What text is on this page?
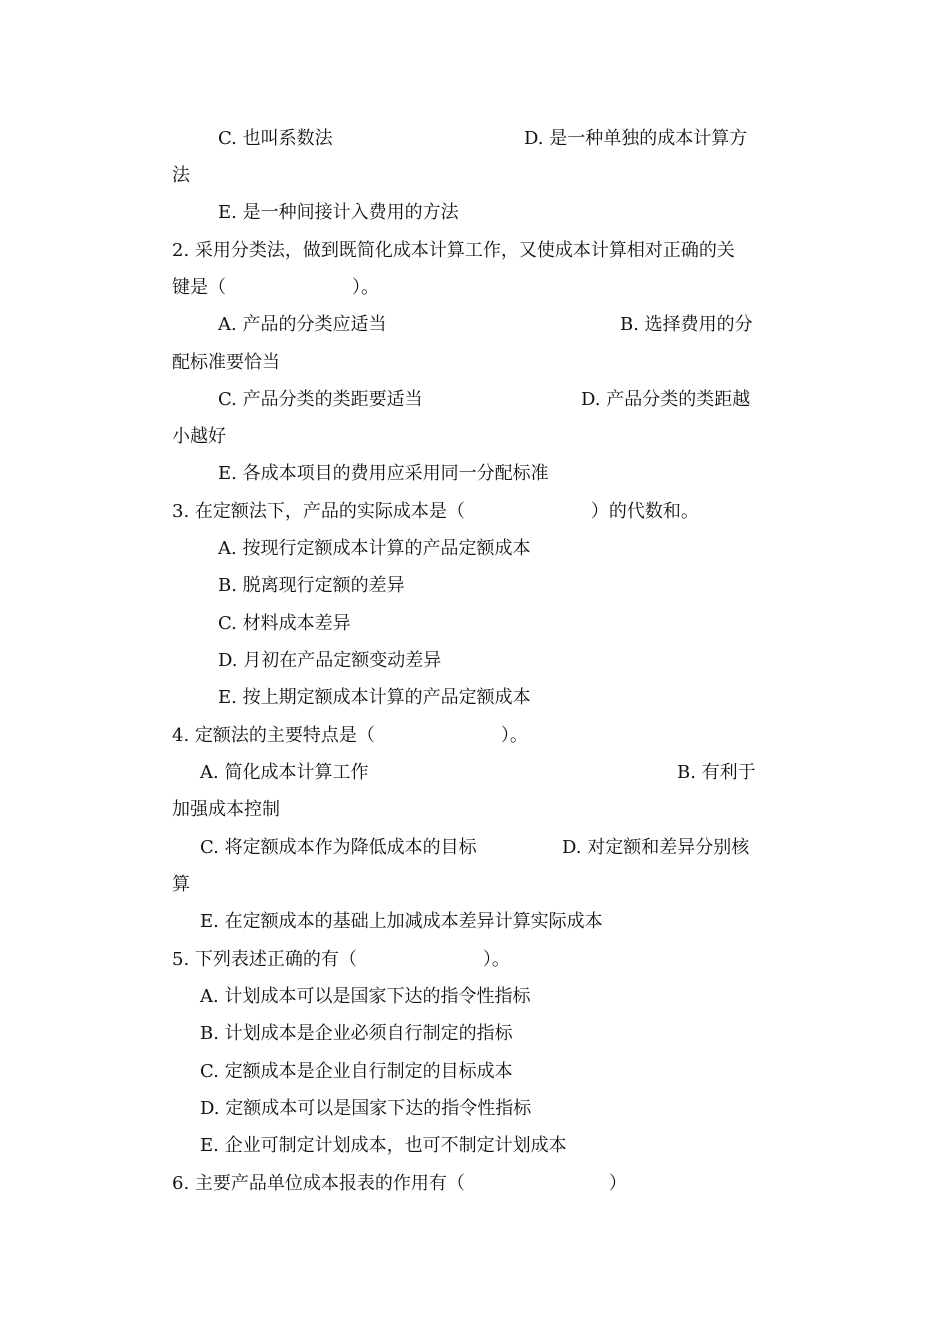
C. 也叫系数法	D. 是一种单独的成本计算方
法
E. 是一种间接计入费用的方法
2. 采用分类法，做到既简化成本计算工作，又使成本计算相对正确的关
键是（　　　　　　　）。
A. 产品的分类应适当	B. 选择费用的分
配标准要恰当
C. 产品分类的类距要适当	D. 产品分类的类距越
小越好
E. 各成本项目的费用应采用同一分配标准
3. 在定额法下，产品的实际成本是（　　　　　　　）的代数和。
A. 按现行定额成本计算的产品定额成本
B. 脱离现行定额的差异
C. 材料成本差异
D. 月初在产品定额变动差异
E. 按上期定额成本计算的产品定额成本
4. 定额法的主要特点是（　　　　　　　）。
A. 简化成本计算工作	B. 有利于
加强成本控制
C. 将定额成本作为降低成本的目标	D. 对定额和差异分别核
算
E. 在定额成本的基础上加减成本差异计算实际成本
5. 下列表述正确的有（　　　　　　　）。
A. 计划成本可以是国家下达的指令性指标
B. 计划成本是企业必须自行制定的指标
C. 定额成本是企业自行制定的目标成本
D. 定额成本可以是国家下达的指令性指标
E. 企业可制定计划成本，也可不制定计划成本
6. 主要产品单位成本报表的作用有（　　　　　　　　）
